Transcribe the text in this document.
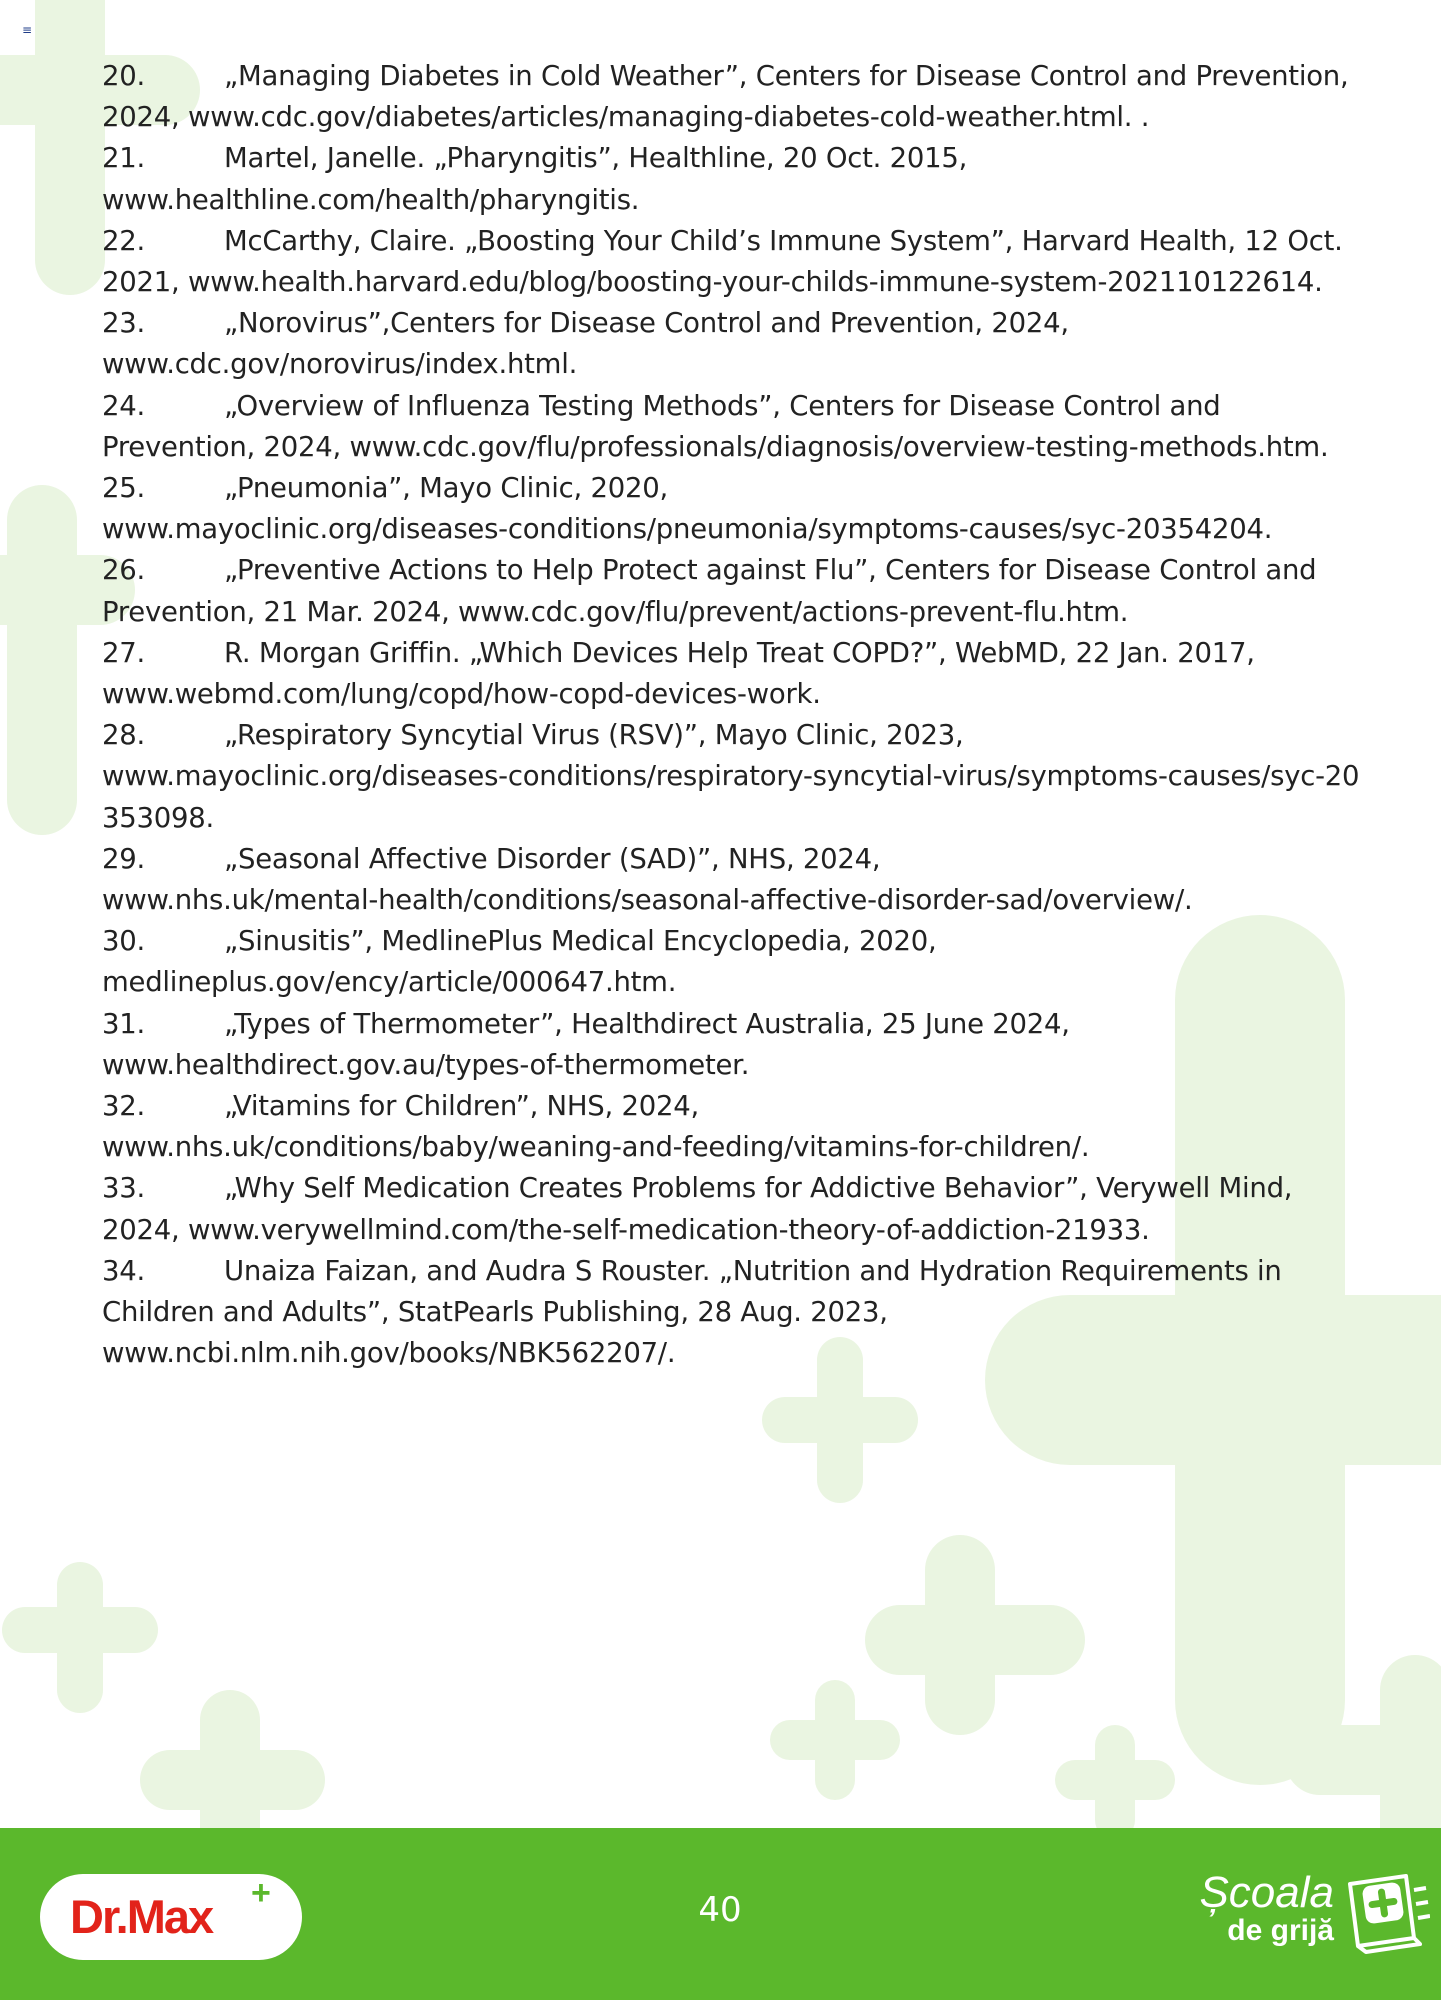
≡
20.	„Managing Diabetes in Cold Weather”, Centers for Disease Control and Prevention,
2024, www.cdc.gov/diabetes/articles/managing-diabetes-cold-weather.html. .
21.	Martel, Janelle. „Pharyngitis”, Healthline, 20 Oct. 2015,
www.healthline.com/health/pharyngitis.
22.	McCarthy, Claire. „Boosting Your Child’s Immune System”, Harvard Health, 12 Oct.
2021, www.health.harvard.edu/blog/boosting-your-childs-immune-system-202110122614.
23.	„Norovirus”,Centers for Disease Control and Prevention, 2024,
www.cdc.gov/norovirus/index.html.
24.	„Overview of Influenza Testing Methods”, Centers for Disease Control and
Prevention, 2024, www.cdc.gov/flu/professionals/diagnosis/overview-testing-methods.htm.
25.	„Pneumonia”, Mayo Clinic, 2020,
www.mayoclinic.org/diseases-conditions/pneumonia/symptoms-causes/syc-20354204.
26.	„Preventive Actions to Help Protect against Flu”, Centers for Disease Control and
Prevention, 21 Mar. 2024, www.cdc.gov/flu/prevent/actions-prevent-flu.htm.
27.	R. Morgan Griffin. „Which Devices Help Treat COPD?”, WebMD, 22 Jan. 2017,
www.webmd.com/lung/copd/how-copd-devices-work.
28.	„Respiratory Syncytial Virus (RSV)”, Mayo Clinic, 2023,
www.mayoclinic.org/diseases-conditions/respiratory-syncytial-virus/symptoms-causes/syc-20
353098.
29.	„Seasonal Affective Disorder (SAD)”, NHS, 2024,
www.nhs.uk/mental-health/conditions/seasonal-affective-disorder-sad/overview/.
30.	„Sinusitis”, MedlinePlus Medical Encyclopedia, 2020,
medlineplus.gov/ency/article/000647.htm.
31.	„Types of Thermometer”, Healthdirect Australia, 25 June 2024,
www.healthdirect.gov.au/types-of-thermometer.
32.	„Vitamins for Children”, NHS, 2024,
www.nhs.uk/conditions/baby/weaning-and-feeding/vitamins-for-children/.
33.	„Why Self Medication Creates Problems for Addictive Behavior”, Verywell Mind,
2024, www.verywellmind.com/the-self-medication-theory-of-addiction-21933.
34.	Unaiza Faizan, and Audra S Rouster. „Nutrition and Hydration Requirements in
Children and Adults”, StatPearls Publishing, 28 Aug. 2023,
www.ncbi.nlm.nih.gov/books/NBK562207/.
Dr.Max +	40	Școala
de grijă
